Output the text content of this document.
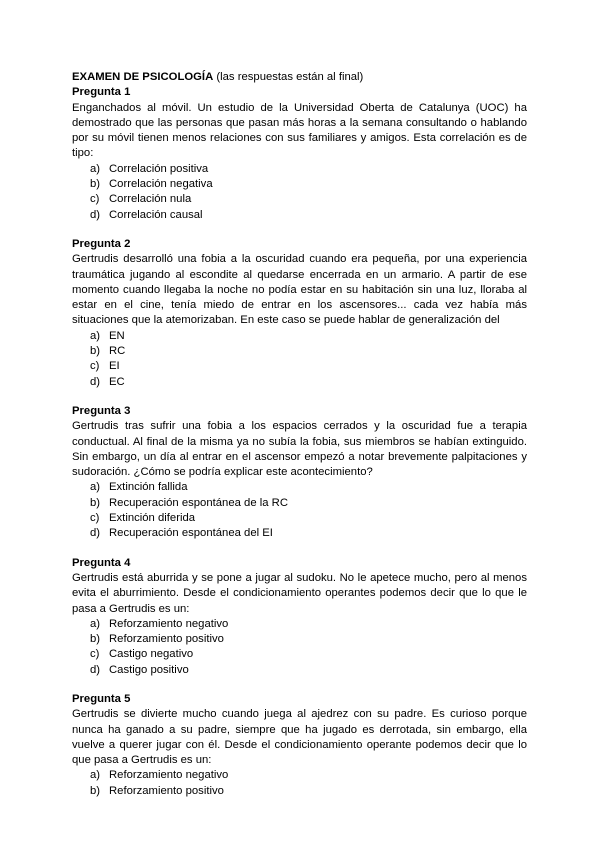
EXAMEN DE PSICOLOGÍA (las respuestas están al final)

Pregunta 1

Enganchados al móvil. Un estudio de la Universidad Oberta de Catalunya (UOC) ha demostrado que las personas que pasan más horas a la semana consultando o hablando por su móvil tienen menos relaciones con sus familiares y amigos. Esta correlación es de tipo:

a) Correlación positiva
b) Correlación negativa
c) Correlación nula
d) Correlación causal

Pregunta 2

Gertrudis desarrolló una fobia a la oscuridad cuando era pequeña, por una experiencia traumática jugando al escondite al quedarse encerrada en un armario. A partir de ese momento cuando llegaba la noche no podía estar en su habitación sin una luz, lloraba al estar en el cine, tenía miedo de entrar en los ascensores... cada vez había más situaciones que la atemorizaban. En este caso se puede hablar de generalización del

a) EN
b) RC
c) EI
d) EC

Pregunta 3

Gertrudis tras sufrir una fobia a los espacios cerrados y la oscuridad fue a terapia conductual. Al final de la misma ya no subía la fobia, sus miembros se habían extinguido. Sin embargo, un día al entrar en el ascensor empezó a notar brevemente palpitaciones y sudoración. ¿Cómo se podría explicar este acontecimiento?

a) Extinción fallida
b) Recuperación espontánea de la RC
c) Extinción diferida
d) Recuperación espontánea del EI

Pregunta 4

Gertrudis está aburrida y se pone a jugar al sudoku. No le apetece mucho, pero al menos evita el aburrimiento. Desde el condicionamiento operantes podemos decir que lo que le pasa a Gertrudis es un:

a) Reforzamiento negativo
b) Reforzamiento positivo
c) Castigo negativo
d) Castigo positivo

Pregunta 5

Gertrudis se divierte mucho cuando juega al ajedrez con su padre. Es curioso porque nunca ha ganado a su padre, siempre que ha jugado es derrotada, sin embargo, ella vuelve a querer jugar con él. Desde el condicionamiento operante podemos decir que lo que pasa a Gertrudis es un:

a) Reforzamiento negativo
b) Reforzamiento positivo
